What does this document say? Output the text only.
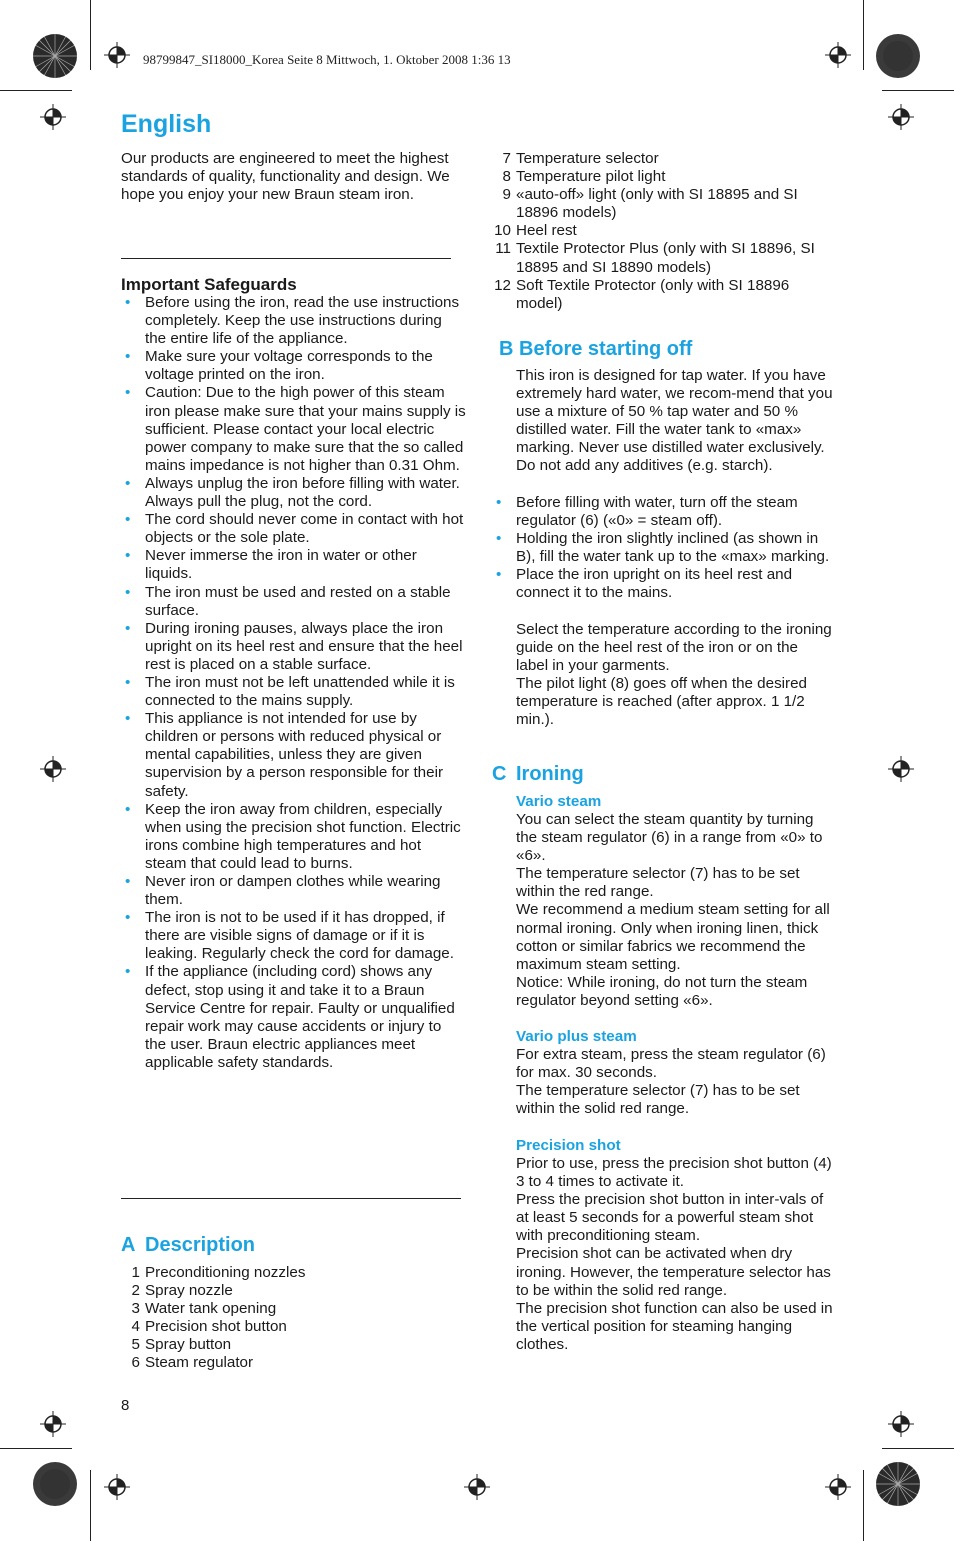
98799847_SI18000_Korea Seite 8 Mittwoch, 1. Oktober 2008 1:36 13
English
Our products are engineered to meet the highest standards of quality, functionality and design. We hope you enjoy your new Braun steam iron.
Important Safeguards
• Before using the iron, read the use instructions completely. Keep the use instructions during the entire life of the appliance.
• Make sure your voltage corresponds to the voltage printed on the iron.
• Caution: Due to the high power of this steam iron please make sure that your mains supply is sufficient. Please contact your local electric power company to make sure that the so called mains impedance is not higher than 0.31 Ohm.
• Always unplug the iron before filling with water. Always pull the plug, not the cord.
• The cord should never come in contact with hot objects or the sole plate.
• Never immerse the iron in water or other liquids.
• The iron must be used and rested on a stable surface.
• During ironing pauses, always place the iron upright on its heel rest and ensure that the heel rest is placed on a stable surface.
• The iron must not be left unattended while it is connected to the mains supply.
• This appliance is not intended for use by children or persons with reduced physical or mental capabilities, unless they are given supervision by a person responsible for their safety.
• Keep the iron away from children, especially when using the precision shot function. Electric irons combine high temperatures and hot steam that could lead to burns.
• Never iron or dampen clothes while wearing them.
• The iron is not to be used if it has dropped, if there are visible signs of damage or if it is leaking. Regularly check the cord for damage.
• If the appliance (including cord) shows any defect, stop using it and take it to a Braun Service Centre for repair. Faulty or unqualified repair work may cause accidents or injury to the user. Braun electric appliances meet applicable safety standards.
A Description
1 Preconditioning nozzles
2 Spray nozzle
3 Water tank opening
4 Precision shot button
5 Spray button
6 Steam regulator
8
7 Temperature selector
8 Temperature pilot light
9 «auto-off» light (only with SI 18895 and SI 18896 models)
10 Heel rest
11 Textile Protector Plus (only with SI 18896, SI 18895 and SI 18890 models)
12 Soft Textile Protector (only with SI 18896 model)
B Before starting off
This iron is designed for tap water. If you have extremely hard water, we recom-mend that you use a mixture of 50 % tap water and 50 % distilled water. Fill the water tank to «max» marking. Never use distilled water exclusively. Do not add any additives (e.g. starch).
• Before filling with water, turn off the steam regulator (6) («0» = steam off).
• Holding the iron slightly inclined (as shown in B), fill the water tank up to the «max» marking.
• Place the iron upright on its heel rest and connect it to the mains.
Select the temperature according to the ironing guide on the heel rest of the iron or on the label in your garments.
The pilot light (8) goes off when the desired temperature is reached (after approx. 1 1/2 min.).
C Ironing
Vario steam
You can select the steam quantity by turning the steam regulator (6) in a range from «0» to «6».
The temperature selector (7) has to be set within the red range.
We recommend a medium steam setting for all normal ironing. Only when ironing linen, thick cotton or similar fabrics we recommend the maximum steam setting.
Notice: While ironing, do not turn the steam regulator beyond setting «6».
Vario plus steam
For extra steam, press the steam regulator (6) for max. 30 seconds.
The temperature selector (7) has to be set within the solid red range.
Precision shot
Prior to use, press the precision shot button (4) 3 to 4 times to activate it.
Press the precision shot button in inter-vals of at least 5 seconds for a powerful steam shot with preconditioning steam.
Precision shot can be activated when dry ironing. However, the temperature selector has to be within the solid red range.
The precision shot function can also be used in the vertical position for steaming hanging clothes.
